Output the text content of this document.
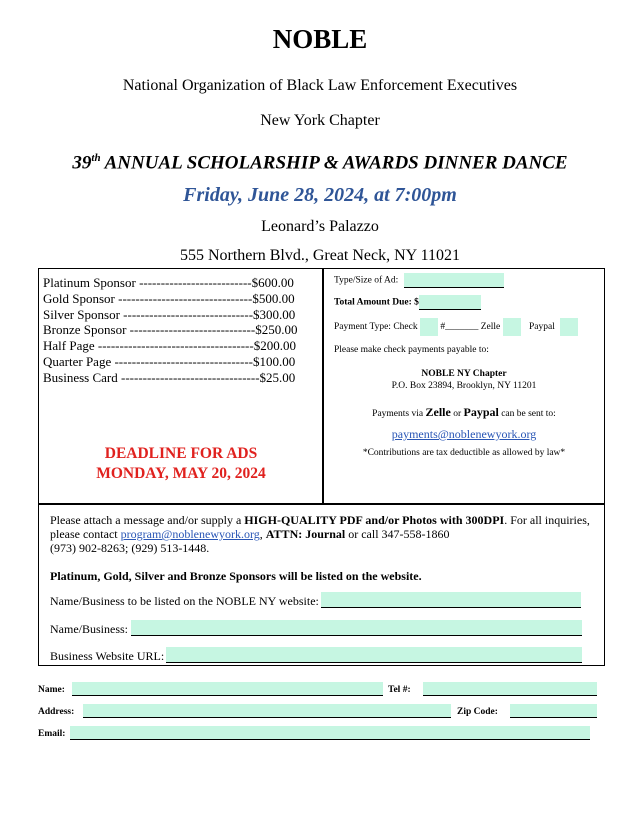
NOBLE
National Organization of Black Law Enforcement Executives
New York Chapter
39th ANNUAL SCHOLARSHIP & AWARDS DINNER DANCE
Friday, June 28, 2024, at 7:00pm
Leonard’s Palazzo
555 Northern Blvd., Great Neck, NY 11021
Platinum Sponsor --------------------------$600.00
Gold Sponsor -------------------------------$500.00
Silver Sponsor ------------------------------$300.00
Bronze Sponsor -----------------------------$250.00
Half Page ------------------------------------$200.00
Quarter Page --------------------------------$100.00
Business Card --------------------------------$25.00
DEADLINE FOR ADS
MONDAY, MAY 20, 2024
Type/Size of Ad:
Total Amount Due: $
Payment Type: Check #_______ Zelle	Paypal
Please make check payments payable to:
NOBLE NY Chapter
P.O. Box 23894, Brooklyn, NY 11201
Payments via Zelle or Paypal can be sent to:
payments@noblenewyork.org
*Contributions are tax deductible as allowed by law*
Please attach a message and/or supply a HIGH-QUALITY PDF and/or Photos with 300DPI. For all inquiries, please contact program@noblenewyork.org, ATTN: Journal or call 347-558-1860
(973) 902-8263; (929) 513-1448.
Platinum, Gold, Silver and Bronze Sponsors will be listed on the website.
Name/Business to be listed on the NOBLE NY website:
Name/Business:
Business Website URL:
Name:	Tel #:
Address:	Zip Code:
Email:
